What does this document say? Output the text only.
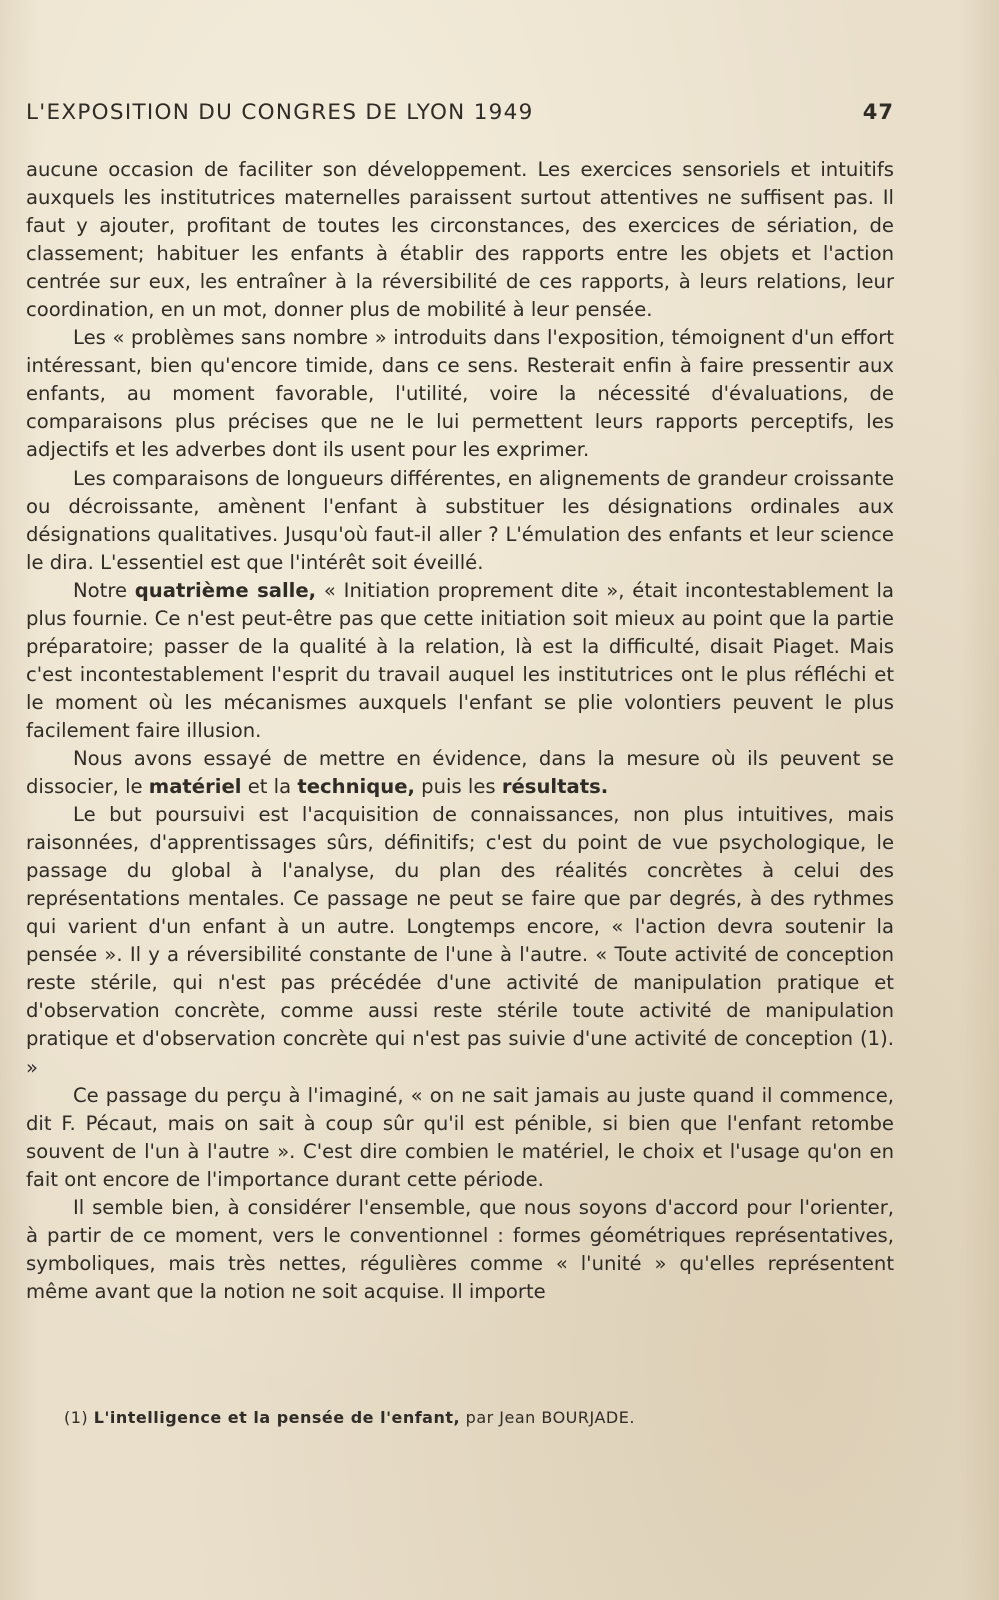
L'EXPOSITION DU CONGRES DE LYON 1949	47

aucune occasion de faciliter son développement. Les exercices sensoriels et intuitifs auxquels les institutrices maternelles paraissent surtout attentives ne suffisent pas. Il faut y ajouter, profitant de toutes les circonstances, des exercices de sériation, de classement; habituer les enfants à établir des rapports entre les objets et l'action centrée sur eux, les entraîner à la réversibilité de ces rapports, à leurs relations, leur coordination, en un mot, donner plus de mobilité à leur pensée.

Les « problèmes sans nombre » introduits dans l'exposition, témoignent d'un effort intéressant, bien qu'encore timide, dans ce sens. Resterait enfin à faire pressentir aux enfants, au moment favorable, l'utilité, voire la nécessité d'évaluations, de comparaisons plus précises que ne le lui permettent leurs rapports perceptifs, les adjectifs et les adverbes dont ils usent pour les exprimer.

Les comparaisons de longueurs différentes, en alignements de grandeur croissante ou décroissante, amènent l'enfant à substituer les désignations ordinales aux désignations qualitatives. Jusqu'où faut-il aller ? L'émulation des enfants et leur science le dira. L'essentiel est que l'intérêt soit éveillé.

Notre quatrième salle, « Initiation proprement dite », était incontestablement la plus fournie. Ce n'est peut-être pas que cette initiation soit mieux au point que la partie préparatoire; passer de la qualité à la relation, là est la difficulté, disait Piaget. Mais c'est incontestablement l'esprit du travail auquel les institutrices ont le plus réfléchi et le moment où les mécanismes auxquels l'enfant se plie volontiers peuvent le plus facilement faire illusion.

Nous avons essayé de mettre en évidence, dans la mesure où ils peuvent se dissocier, le matériel et la technique, puis les résultats.

Le but poursuivi est l'acquisition de connaissances, non plus intuitives, mais raisonnées, d'apprentissages sûrs, définitifs; c'est du point de vue psychologique, le passage du global à l'analyse, du plan des réalités concrètes à celui des représentations mentales. Ce passage ne peut se faire que par degrés, à des rythmes qui varient d'un enfant à un autre. Longtemps encore, « l'action devra soutenir la pensée ». Il y a réversibilité constante de l'une à l'autre. « Toute activité de conception reste stérile, qui n'est pas précédée d'une activité de manipulation pratique et d'observation concrète, comme aussi reste stérile toute activité de manipulation pratique et d'observation concrète qui n'est pas suivie d'une activité de conception (1). »

Ce passage du perçu à l'imaginé, « on ne sait jamais au juste quand il commence, dit F. Pécaut, mais on sait à coup sûr qu'il est pénible, si bien que l'enfant retombe souvent de l'un à l'autre ». C'est dire combien le matériel, le choix et l'usage qu'on en fait ont encore de l'importance durant cette période.

Il semble bien, à considérer l'ensemble, que nous soyons d'accord pour l'orienter, à partir de ce moment, vers le conventionnel : formes géométriques représentatives, symboliques, mais très nettes, régulières comme « l'unité » qu'elles représentent même avant que la notion ne soit acquise. Il importe

(1) L'intelligence et la pensée de l'enfant, par Jean BOURJADE.
